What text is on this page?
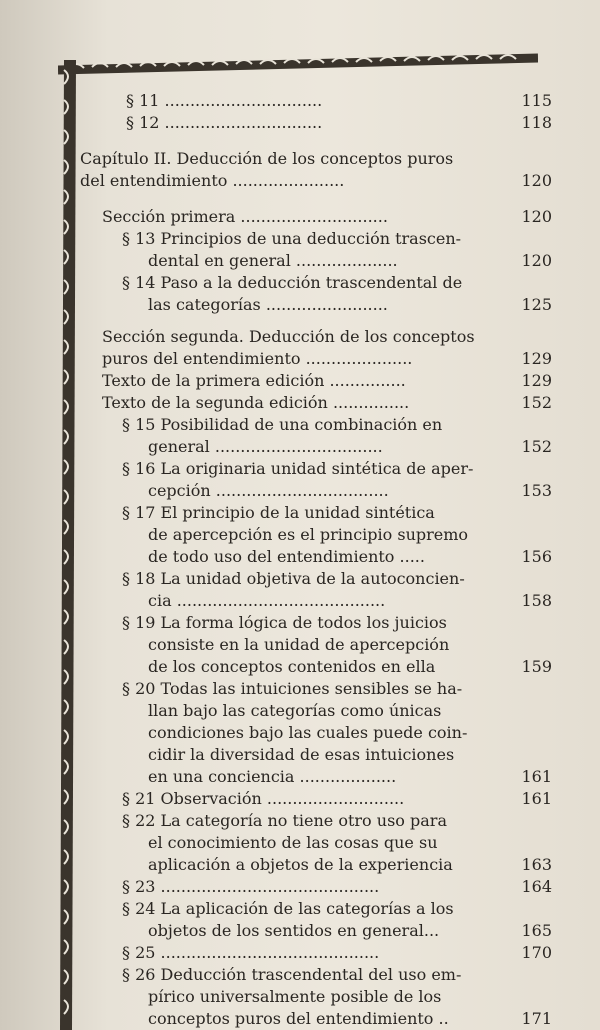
§ 11 ...............................	115
§ 12 ...............................	118
Capítulo II. Deducción de los conceptos puros
del entendimiento ......................	120
Sección primera .............................	120
§ 13 Principios de una deducción trascen-
dental en general ....................	120
§ 14 Paso a la deducción trascendental de
las categorías ........................	125
Sección segunda. Deducción de los conceptos
puros del entendimiento .....................	129
Texto de la primera edición ...............	129
Texto de la segunda edición ...............	152
§ 15 Posibilidad de una combinación en
general .................................	152
§ 16 La originaria unidad sintética de aper-
cepción ..................................	153
§ 17 El principio de la unidad sintética
de apercepción es el principio supremo
de todo uso del entendimiento .....	156
§ 18 La unidad objetiva de la autoconcien-
cia .........................................	158
§ 19 La forma lógica de todos los juicios
consiste en la unidad de apercepción
de los conceptos contenidos en ella	159
§ 20 Todas las intuiciones sensibles se ha-
llan bajo las categorías como únicas
condiciones bajo las cuales puede coin-
cidir la diversidad de esas intuiciones
en una conciencia ...................	161
§ 21 Observación ...........................	161
§ 22 La categoría no tiene otro uso para
el conocimiento de las cosas que su
aplicación a objetos de la experiencia	163
§ 23 ...........................................	164
§ 24 La aplicación de las categorías a los
objetos de los sentidos en general...	165
§ 25 ...........................................	170
§ 26 Deducción trascendental del uso em-
pírico universalmente posible de los
conceptos puros del entendimiento ..	171
